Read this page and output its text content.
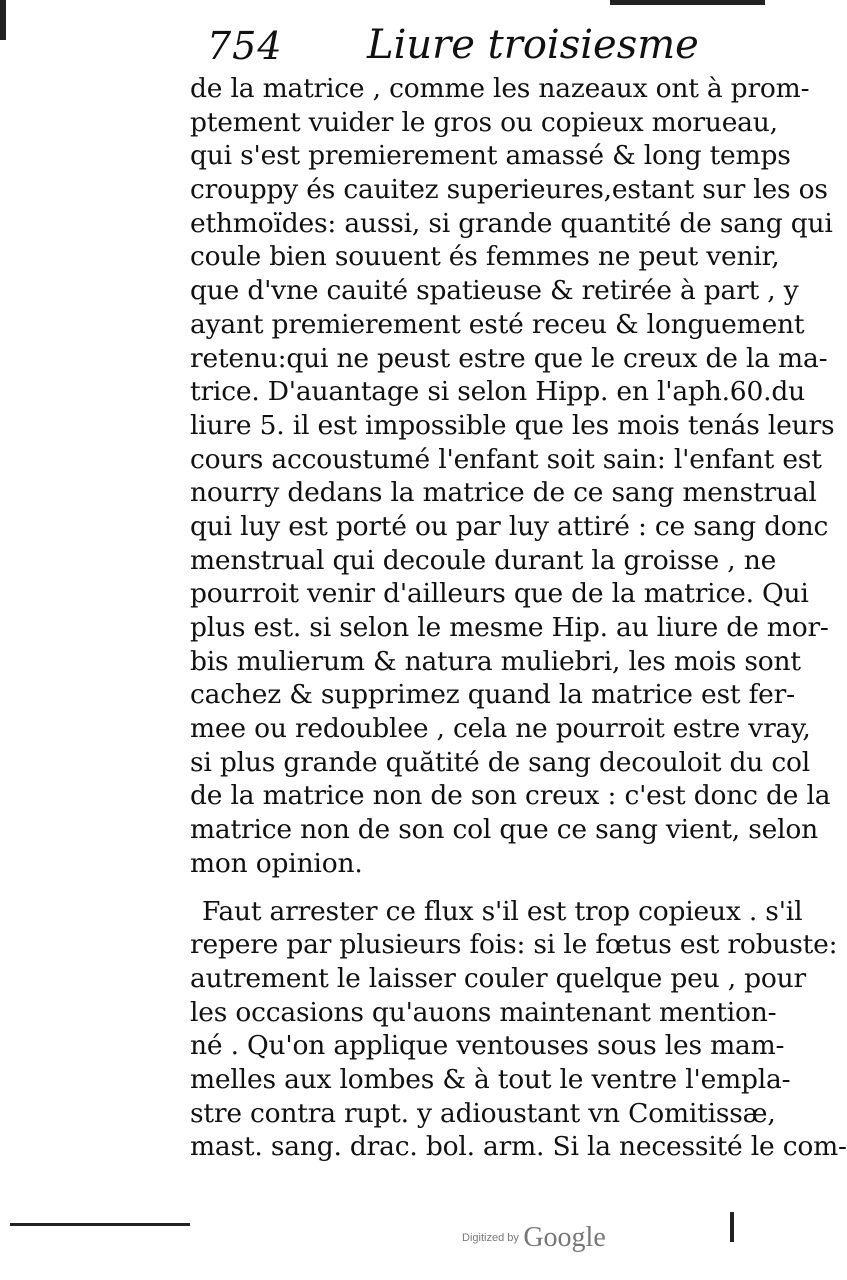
754 Liure troisiesme
de la matrice , comme les nazeaux ont à prom-
ptement vuider le gros ou copieux morueau,
qui s'est premierement amassé & long temps
crouppy és cauitez superieures,estant sur les os
ethmoïdes: aussi, si grande quantité de sang qui
coule bien souuent és femmes ne peut venir,
que d'vne cauité spatieuse & retirée à part , y
ayant premierement esté receu & longuement
retenu:qui ne peust estre que le creux de la ma-
trice. D'auantage si selon Hipp. en l'aph.60.du
liure 5. il est impossible que les mois tenás leurs
cours accoustumé l'enfant soit sain: l'enfant est
nourry dedans la matrice de ce sang menstrual
qui luy est porté ou par luy attiré : ce sang donc
menstrual qui decoule durant la groisse , ne
pourroit venir d'ailleurs que de la matrice. Qui
plus est. si selon le mesme Hip. au liure de mor-
bis mulierum & natura muliebri, les mois sont
cachez & supprimez quand la matrice est fer-
mee ou redoublee , cela ne pourroit estre vray,
si plus grande quătité de sang decouloit du col
de la matrice non de son creux : c'est donc de la
matrice non de son col que ce sang vient, selon
mon opinion.
Faut arrester ce flux s'il est trop copieux . s'il
repere par plusieurs fois: si le fœtus est robuste:
autrement le laisser couler quelque peu , pour
les occasions qu'auons maintenant mention-
né . Qu'on applique ventouses sous les mam-
melles aux lombes & à tout le ventre l'empla-
stre contra rupt. y adioustant vn Comitissæ,
mast. sang. drac. bol. arm. Si la necessité le com-
Digitized by Google
